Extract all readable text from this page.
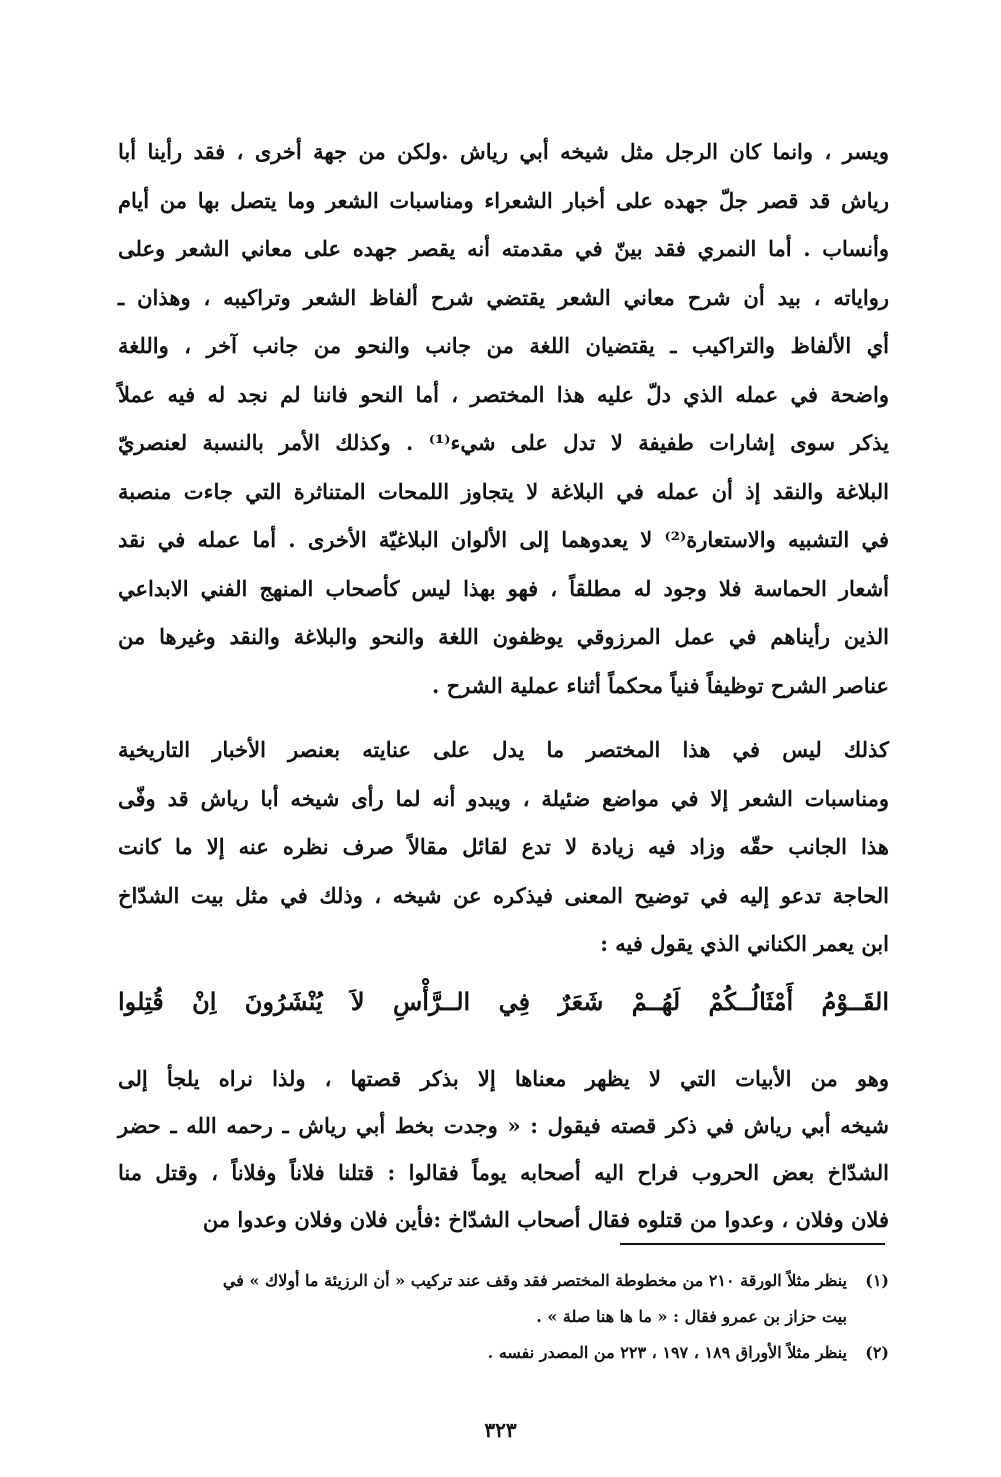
ويسر ، وانما كان الرجل مثل شيخه أبي رياش .ولكن من جهة أخرى ، فقد رأينا أبا

رياش قد قصر جلّ جهده على أخبار الشعراء ومناسبات الشعر وما يتصل بها من أيام

وأنساب . أما النمري فقد بينّ في مقدمته أنه يقصر جهده على معاني الشعر وعلى

رواياته ، بيد أن شرح معاني الشعر يقتضي شرح ألفاظ الشعر وتراكيبه ، وهذان ـ

أي الألفاظ والتراكيب ـ يقتضيان اللغة من جانب والنحو من جانب آخر ، واللغة

واضحة في عمله الذي دلّ عليه هذا المختصر ، أما النحو فاننا لم نجد له فيه عملاً

يذكر سوى إشارات طفيفة لا تدل على شيء⁽¹⁾ . وكذلك الأمر بالنسبة لعنصريّ

البلاغة والنقد إذ أن عمله في البلاغة لا يتجاوز اللمحات المتناثرة التي جاءت منصبة

في التشبيه والاستعارة⁽²⁾ لا يعدوهما إلى الألوان البلاغيّة الأخرى . أما عمله في نقد

أشعار الحماسة فلا وجود له مطلقاً ، فهو بهذا ليس كأصحاب المنهج الفني الابداعي

الذين رأيناهم في عمل المرزوقي يوظفون اللغة والنحو والبلاغة والنقد وغيرها من

عناصر الشرح توظيفاً فنياً محكماً أثناء عملية الشرح .

كذلك ليس في هذا المختصر ما يدل على عنايته بعنصر الأخبار التاريخية

ومناسبات الشعر إلا في مواضع ضئيلة ، ويبدو أنه لما رأى شيخه أبا رياش قد وفّى

هذا الجانب حقّه وزاد فيه زيادة لا تدع لقائل مقالاً صرف نظره عنه إلا ما كانت

الحاجة تدعو إليه في توضيح المعنى فيذكره عن شيخه ، وذلك في مثل بيت الشدّاخ

ابن يعمر الكناني الذي يقول فيه :

القَــوْمُ
أَمْثَالُــكُمْ
لَهُــمْ
شَعَرٌ
فِي
الــرَّأْسِ
لاَ
يُنْشَرُونَ
اِنْ
قُتِلوا

وهو من الأبيات التي لا يظهر معناها إلا بذكر قصتها ، ولذا نراه يلجأ إلى

شيخه أبي رياش في ذكر قصته فيقول : « وجدت بخط أبي رياش ـ رحمه الله ـ حضر

الشدّاخ بعض الحروب فراح اليه أصحابه يوماً فقالوا : قتلنا فلاناً وفلاناً ، وقتل منا

فلان وفلان ، وعدوا من قتلوه فقال أصحاب الشدّاخ :فأين فلان وفلان وعدوا من

(١)
ينظر مثلاً الورقة ٢١٠ من مخطوطة المختصر فقد وقف عند تركيب « أن الرزيئة ما أولاك » في
بيت حزاز بن عمرو فقال : « ما ها هنا صلة » .
(٢)
ينظر مثلاً الأوراق ١٨٩ ، ١٩٧ ، ٢٢٣ من المصدر نفسه .
٣٢٣
